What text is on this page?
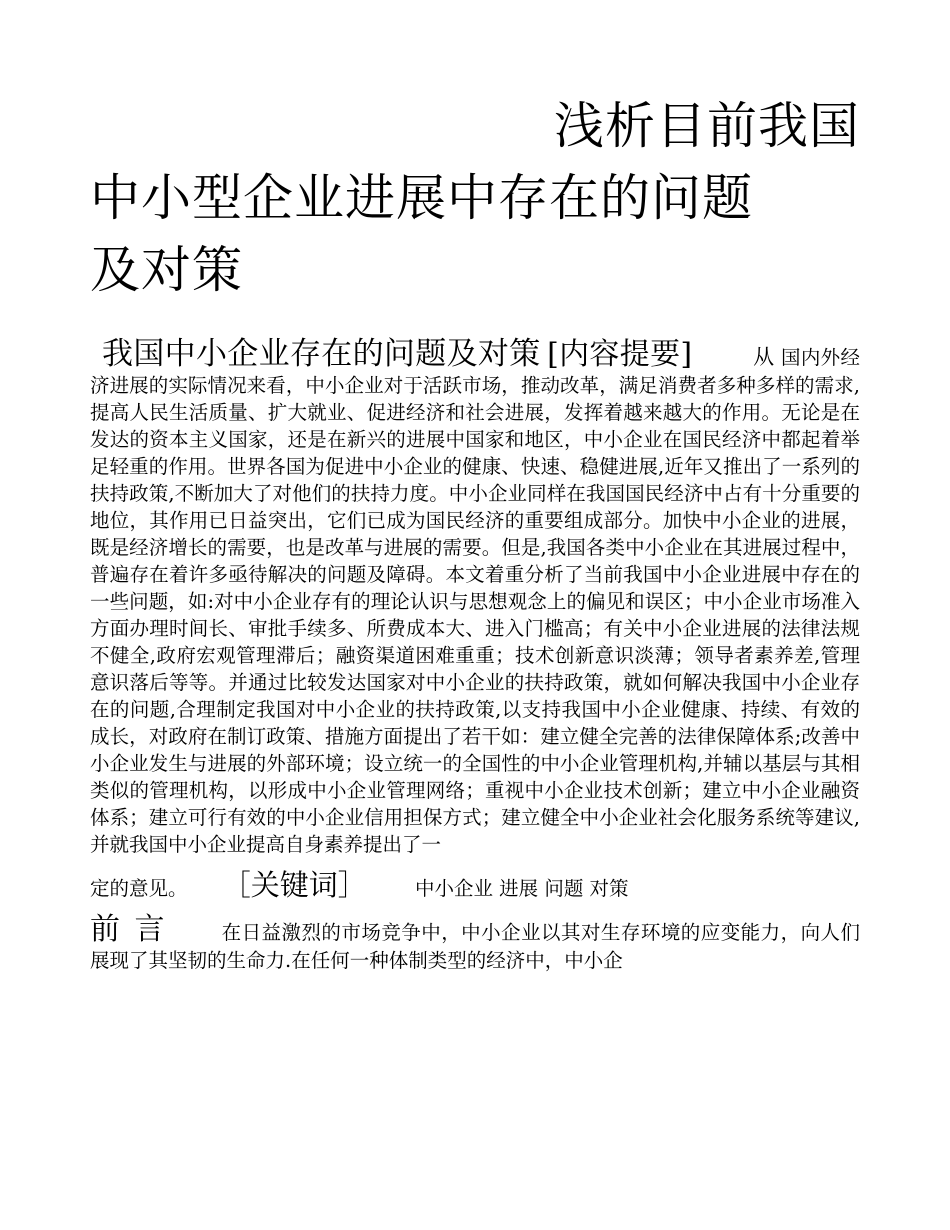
浅析目前我国
中小型企业进展中存在的问题
及对策
我国中小企业存在的问题及对策 [内容提要]	从 国内外经济进展的实际情况来看，中小企业对于活跃市场，推动改革，满足消费者多种多样的需求,提高人民生活质量、扩大就业、促进经济和社会进展，发挥着越来越大的作用。无论是在发达的资本主义国家，还是在新兴的进展中国家和地区，中小企业在国民经济中都起着举足轻重的作用。世界各国为促进中小企业的健康、快速、稳健进展,近年又推出了一系列的扶持政策,不断加大了对他们的扶持力度。中小企业同样在我国国民经济中占有十分重要的地位，其作用已日益突出，它们已成为国民经济的重要组成部分。加快中小企业的进展，既是经济增长的需要，也是改革与进展的需要。但是,我国各类中小企业在其进展过程中，普遍存在着许多亟待解决的问题及障碍。本文着重分析了当前我国中小企业进展中存在的一些问题，如:对中小企业存有的理论认识与思想观念上的偏见和误区；中小企业市场准入方面办理时间长、审批手续多、所费成本大、进入门槛高；有关中小企业进展的法律法规不健全,政府宏观管理滞后；融资渠道困难重重；技术创新意识淡薄；领导者素养差,管理意识落后等等。并通过比较发达国家对中小企业的扶持政策，就如何解决我国中小企业存在的问题,合理制定我国对中小企业的扶持政策,以支持我国中小企业健康、持续、有效的成长，对政府在制订政策、措施方面提出了若干如：建立健全完善的法律保障体系;改善中小企业发生与进展的外部环境；设立统一的全国性的中小企业管理机构,并辅以基层与其相类似的管理机构，以形成中小企业管理网络；重视中小企业技术创新；建立中小企业融资体系；建立可行有效的中小企业信用担保方式；建立健全中小企业社会化服务系统等建议,并就我国中小企业提高自身素养提出了一
定的意见。 ［关键词］ 中小企业 进展 问题 对策
前言 在日益激烈的市场竞争中，中小企业以其对生存环境的应变能力，向人们展现了其坚韧的生命力.在任何一种体制类型的经济中，中小企
